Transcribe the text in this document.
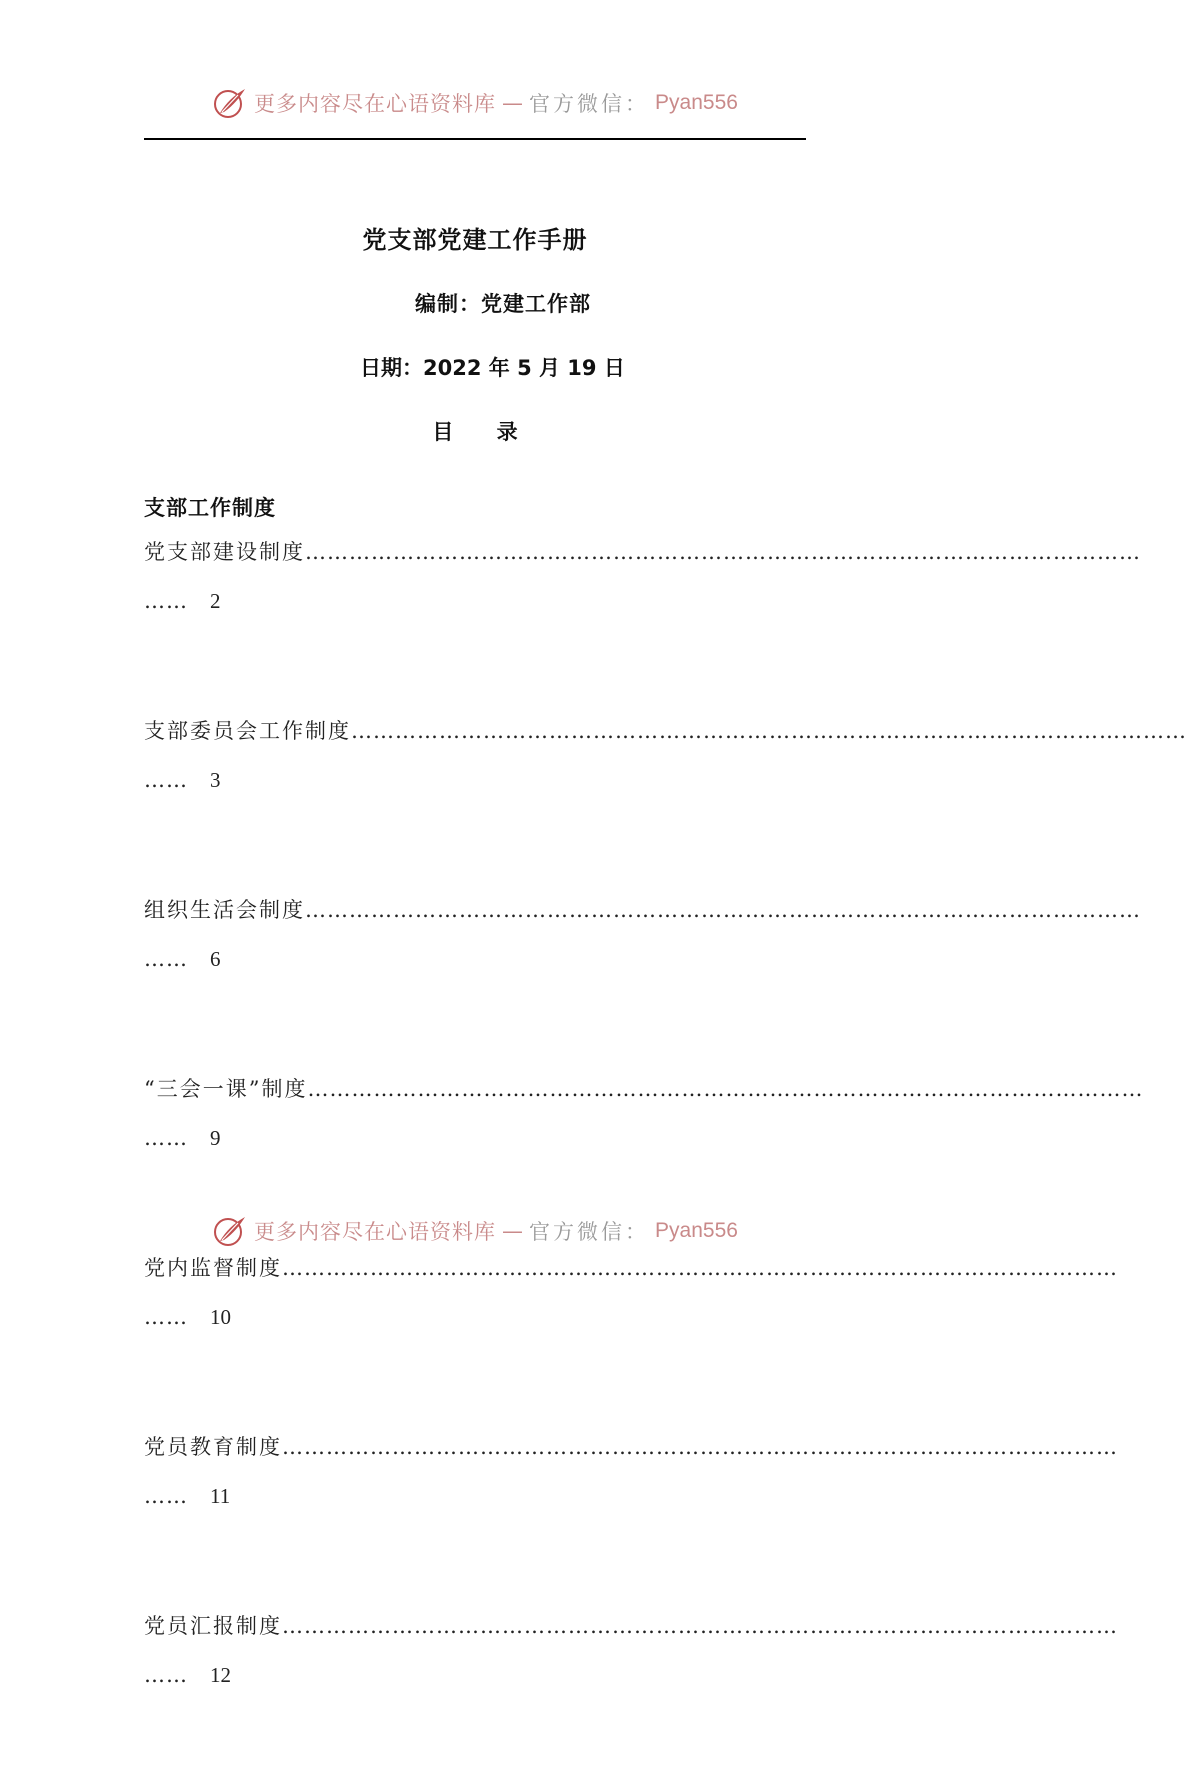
更多内容尽在心语资料库 — 官方微信： Pyan556
党支部党建工作手册
编制：党建工作部
日期：2022 年 5 月 19 日
目 录
支部工作制度
党支部建设制度……………………………………………………………………………………………………
…… 2
支部委员会工作制度……………………………………………………………………………………………………
…… 3
组织生活会制度……………………………………………………………………………………………………
…… 6
“三会一课”制度……………………………………………………………………………………………………
…… 9
党内监督制度……………………………………………………………………………………………………
…… 10
党员教育制度……………………………………………………………………………………………………
…… 11
党员汇报制度……………………………………………………………………………………………………
…… 12
更多内容尽在心语资料库 — 官方微信： Pyan556
